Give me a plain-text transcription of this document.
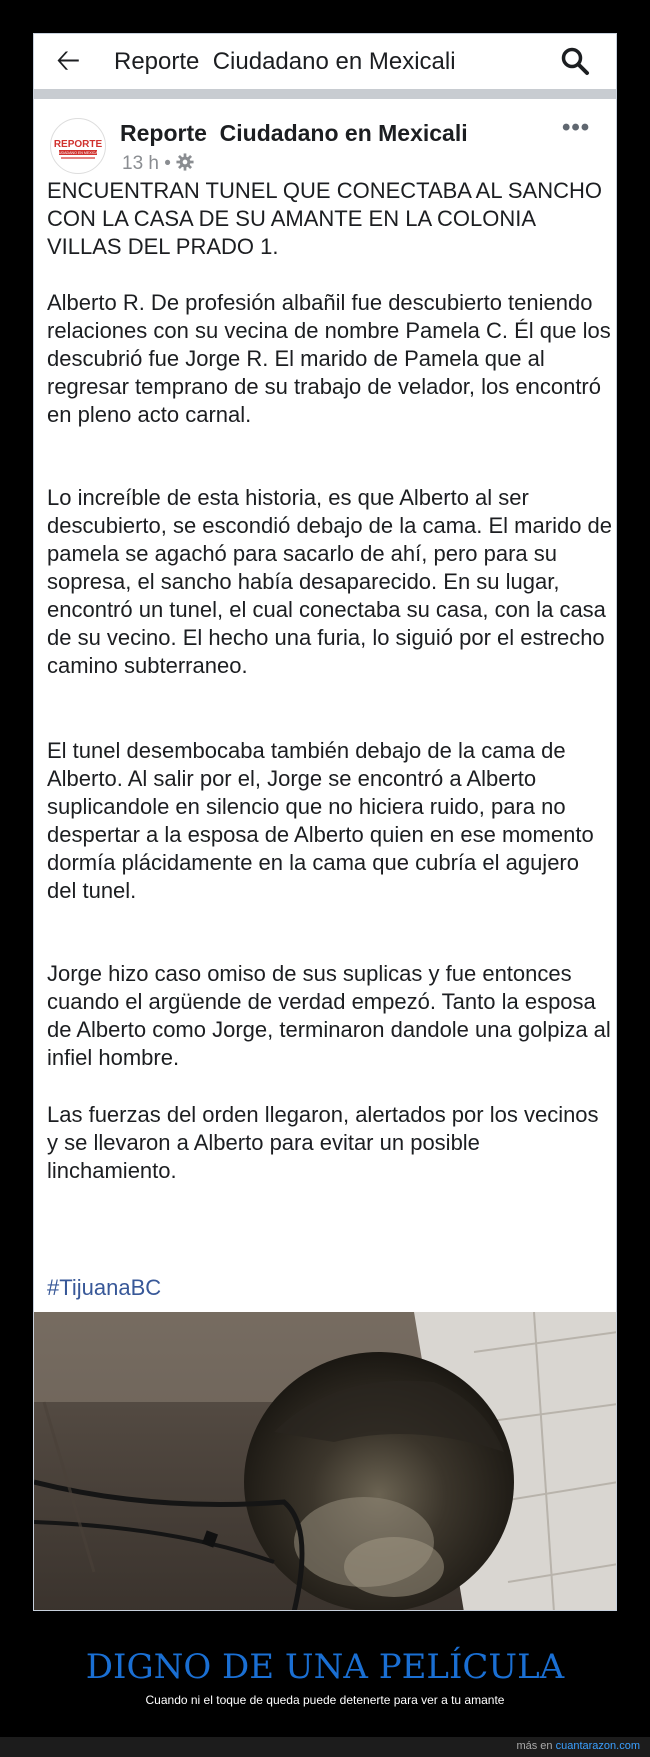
🡠 Reporte  Ciudadano en Mexicali
REPORTE
CIUDADANO EN MEXICALI
Reporte  Ciudadano en Mexicali
13 h •
•••

ENCUENTRAN TUNEL QUE CONECTABA AL SANCHO CON LA CASA DE SU AMANTE EN LA COLONIA VILLAS DEL PRADO 1.

Alberto R. De profesión albañil fue descubierto teniendo relaciones con su vecina de nombre Pamela C. Él que los descubrió fue Jorge R. El marido de Pamela que al regresar temprano de su trabajo de velador, los encontró en pleno acto carnal.

Lo increíble de esta historia, es que Alberto al ser descubierto, se escondió debajo de la cama. El marido de pamela se agachó para sacarlo de ahí, pero para su sopresa, el sancho había desaparecido. En su lugar, encontró un tunel, el cual conectaba su casa, con la casa de su vecino. El hecho una furia, lo siguió por el estrecho camino subterraneo.

El tunel desembocaba también debajo de la cama de Alberto. Al salir por el, Jorge se encontró a Alberto suplicandole en silencio que no hiciera ruido, para no despertar a la esposa de Alberto quien en ese momento dormía plácidamente en la cama que cubría el agujero del tunel.

Jorge hizo caso omiso de sus suplicas y fue entonces cuando el argüende de verdad empezó. Tanto la esposa de Alberto como Jorge, terminaron dandole una golpiza al infiel hombre.

Las fuerzas del orden llegaron, alertados por los vecinos y se llevaron a Alberto para evitar un posible linchamiento.

#TijuanaBC
DIGNO DE UNA PELÍCULA
Cuando ni el toque de queda puede detenerte para ver a tu amante
más en cuantarazon.com
